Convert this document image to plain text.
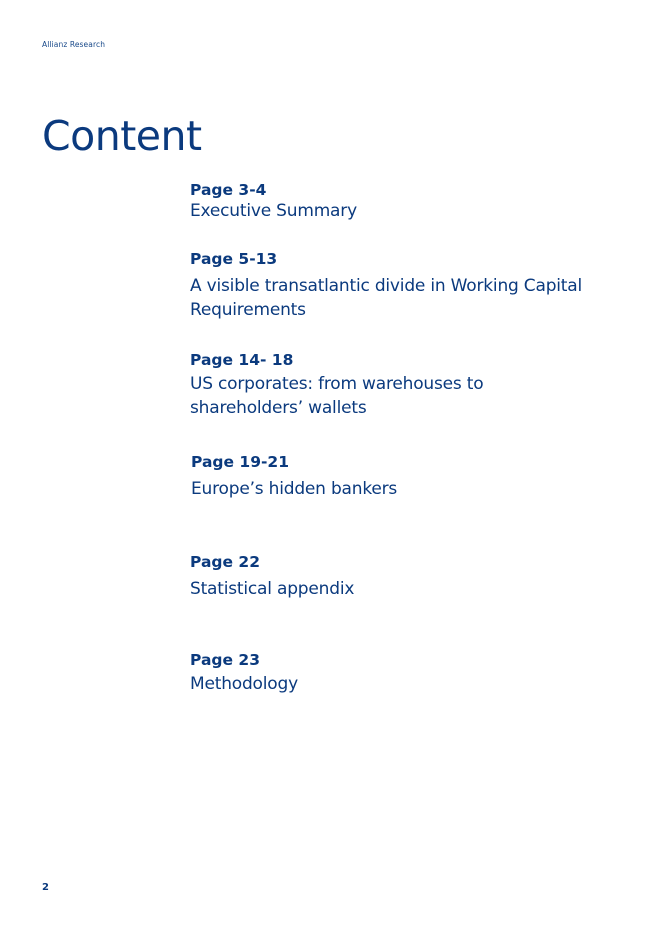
Allianz Research
Content
Page 3-4
Executive Summary
Page 5-13
A visible transatlantic divide in Working Capital
Requirements
Page 14- 18
US corporates: from warehouses to
shareholders’ wallets
Page 19-21
Europe’s hidden bankers
Page 22
Statistical appendix
Page 23
Methodology
2
